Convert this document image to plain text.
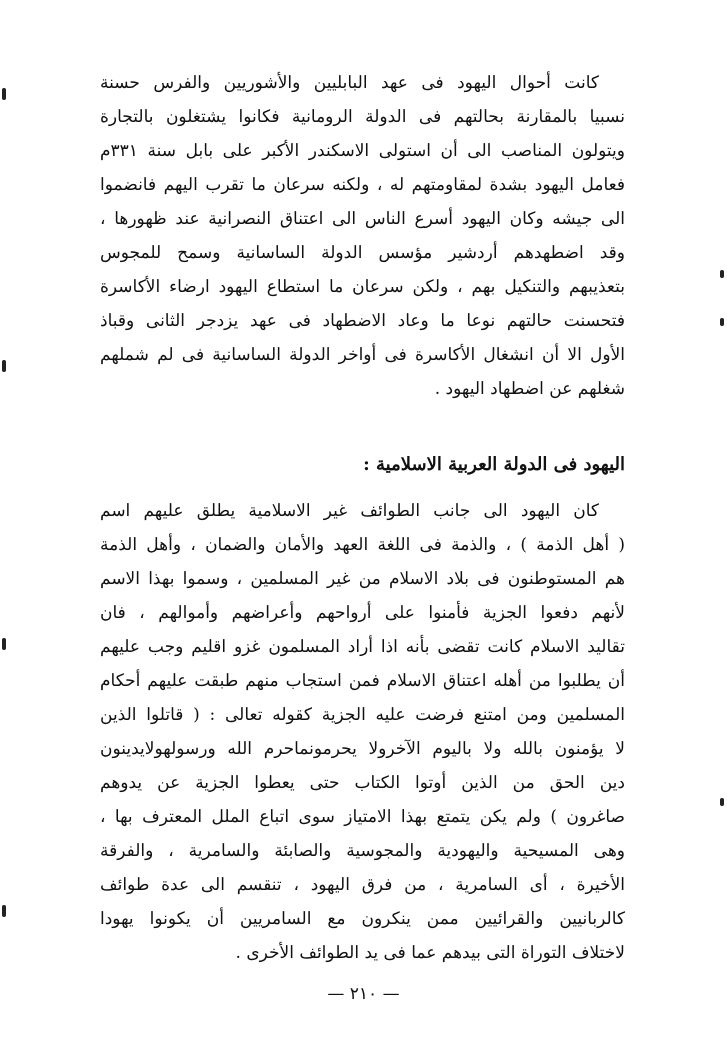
كانت أحوال اليهود فى عهد البابليين والأشوريين والفرس حسنة
نسبيا بالمقارنة بحالتهم فى الدولة الرومانية فكانوا يشتغلون بالتجارة
ويتولون المناصب الى أن استولى الاسكندر الأكبر على بابل سنة ٣٣١م
فعامل اليهود بشدة لمقاومتهم له ، ولكنه سرعان ما تقرب اليهم فانضموا
الى جيشه وكان اليهود أسرع الناس الى اعتناق النصرانية عند ظهورها ،
وقد اضطهدهم أردشير مؤسس الدولة الساسانية وسمح للمجوس
بتعذيبهم والتنكيل بهم ، ولكن سرعان ما استطاع اليهود ارضاء الأكاسرة
فتحسنت حالتهم نوعا ما وعاد الاضطهاد فى عهد يزدجر الثانى وقباذ
الأول الا أن انشغال الأكاسرة فى أواخر الدولة الساسانية فى لم شملهم
شغلهم عن اضطهاد اليهود .
اليهود فى الدولة العربية الاسلامية :
كان اليهود الى جانب الطوائف غير الاسلامية يطلق عليهم اسم
( أهل الذمة ) ، والذمة فى اللغة العهد والأمان والضمان ، وأهل الذمة
هم المستوطنون فى بلاد الاسلام من غير المسلمين ، وسموا بهذا الاسم
لأنهم دفعوا الجزية فأمنوا على أرواحهم وأعراضهم وأموالهم ، فان
تقاليد الاسلام كانت تقضى بأنه اذا أراد المسلمون غزو اقليم وجب عليهم
أن يطلبوا من أهله اعتناق الاسلام فمن استجاب منهم طبقت عليهم أحكام
المسلمين ومن امتنع فرضت عليه الجزية كقوله تعالى : ( قاتلوا الذين
لا يؤمنون بالله ولا باليوم الآخرولا يحرمونماحرم الله ورسولهولايدينون
دين الحق من الذين أوتوا الكتاب حتى يعطوا الجزية عن يدوهم
صاغرون ) ولم يكن يتمتع بهذا الامتياز سوى اتباع الملل المعترف بها ،
وهى المسيحية واليهودية والمجوسية والصابئة والسامرية ، والفرقة
الأخيرة ، أى السامرية ، من فرق اليهود ، تنقسم الى عدة طوائف
كالربانيين والقرائيين ممن ينكرون مع السامريين أن يكونوا يهودا
لاختلاف التوراة التى بيدهم عما فى يد الطوائف الأخرى .
— ٢١٠ —
